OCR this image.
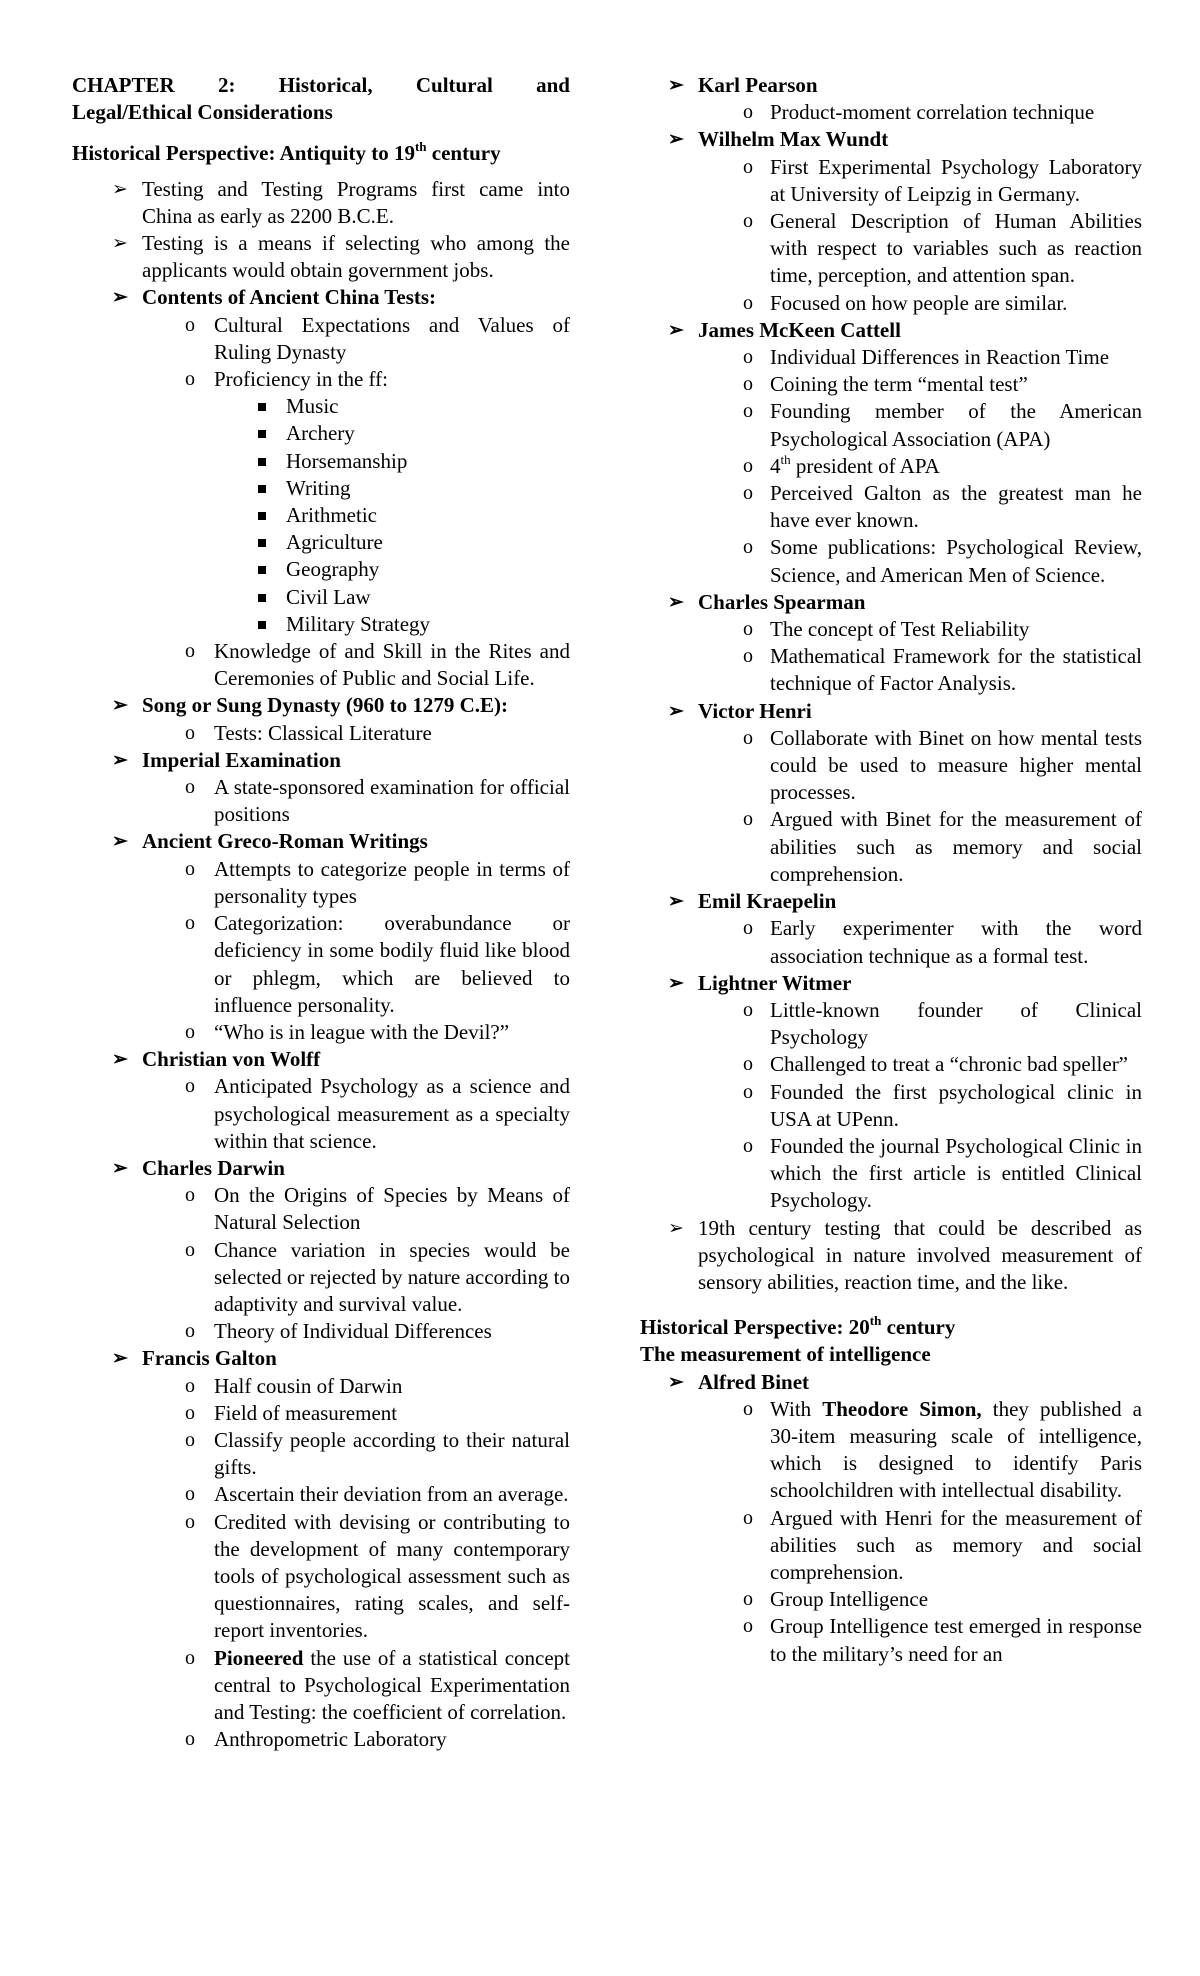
CHAPTER 2: Historical, Cultural and
Legal/Ethical Considerations
Historical Perspective: Antiquity to 19th century
➢ Testing and Testing Programs first came into China as early as 2200 B.C.E.
➢ Testing is a means if selecting who among the applicants would obtain government jobs.
➢ Contents of Ancient China Tests:
o Cultural Expectations and Values of Ruling Dynasty
o Proficiency in the ff:
Music
Archery
Horsemanship
Writing
Arithmetic
Agriculture
Geography
Civil Law
Military Strategy
o Knowledge of and Skill in the Rites and Ceremonies of Public and Social Life.
➢ Song or Sung Dynasty (960 to 1279 C.E):
o Tests: Classical Literature
➢ Imperial Examination
o A state-sponsored examination for official positions
➢ Ancient Greco-Roman Writings
o Attempts to categorize people in terms of personality types
o Categorization: overabundance or deficiency in some bodily fluid like blood or phlegm, which are believed to influence personality.
o “Who is in league with the Devil?”
➢ Christian von Wolff
o Anticipated Psychology as a science and psychological measurement as a specialty within that science.
➢ Charles Darwin
o On the Origins of Species by Means of Natural Selection
o Chance variation in species would be selected or rejected by nature according to adaptivity and survival value.
o Theory of Individual Differences
➢ Francis Galton
o Half cousin of Darwin
o Field of measurement
o Classify people according to their natural gifts.
o Ascertain their deviation from an average.
o Credited with devising or contributing to the development of many contemporary tools of psychological assessment such as questionnaires, rating scales, and self-report inventories.
o Pioneered the use of a statistical concept central to Psychological Experimentation and Testing: the coefficient of correlation.
o Anthropometric Laboratory
➢ Karl Pearson
o Product-moment correlation technique
➢ Wilhelm Max Wundt
o First Experimental Psychology Laboratory at University of Leipzig in Germany.
o General Description of Human Abilities with respect to variables such as reaction time, perception, and attention span.
o Focused on how people are similar.
➢ James McKeen Cattell
o Individual Differences in Reaction Time
o Coining the term “mental test”
o Founding member of the American Psychological Association (APA)
o 4th president of APA
o Perceived Galton as the greatest man he have ever known.
o Some publications: Psychological Review, Science, and American Men of Science.
➢ Charles Spearman
o The concept of Test Reliability
o Mathematical Framework for the statistical technique of Factor Analysis.
➢ Victor Henri
o Collaborate with Binet on how mental tests could be used to measure higher mental processes.
o Argued with Binet for the measurement of abilities such as memory and social comprehension.
➢ Emil Kraepelin
o Early experimenter with the word association technique as a formal test.
➢ Lightner Witmer
o Little-known founder of Clinical Psychology
o Challenged to treat a “chronic bad speller”
o Founded the first psychological clinic in USA at UPenn.
o Founded the journal Psychological Clinic in which the first article is entitled Clinical Psychology.
➢ 19th century testing that could be described as psychological in nature involved measurement of sensory abilities, reaction time, and the like.
Historical Perspective: 20th century
The measurement of intelligence
➢ Alfred Binet
o With Theodore Simon, they published a 30-item measuring scale of intelligence, which is designed to identify Paris schoolchildren with intellectual disability.
o Argued with Henri for the measurement of abilities such as memory and social comprehension.
o Group Intelligence
o Group Intelligence test emerged in response to the military’s need for an
